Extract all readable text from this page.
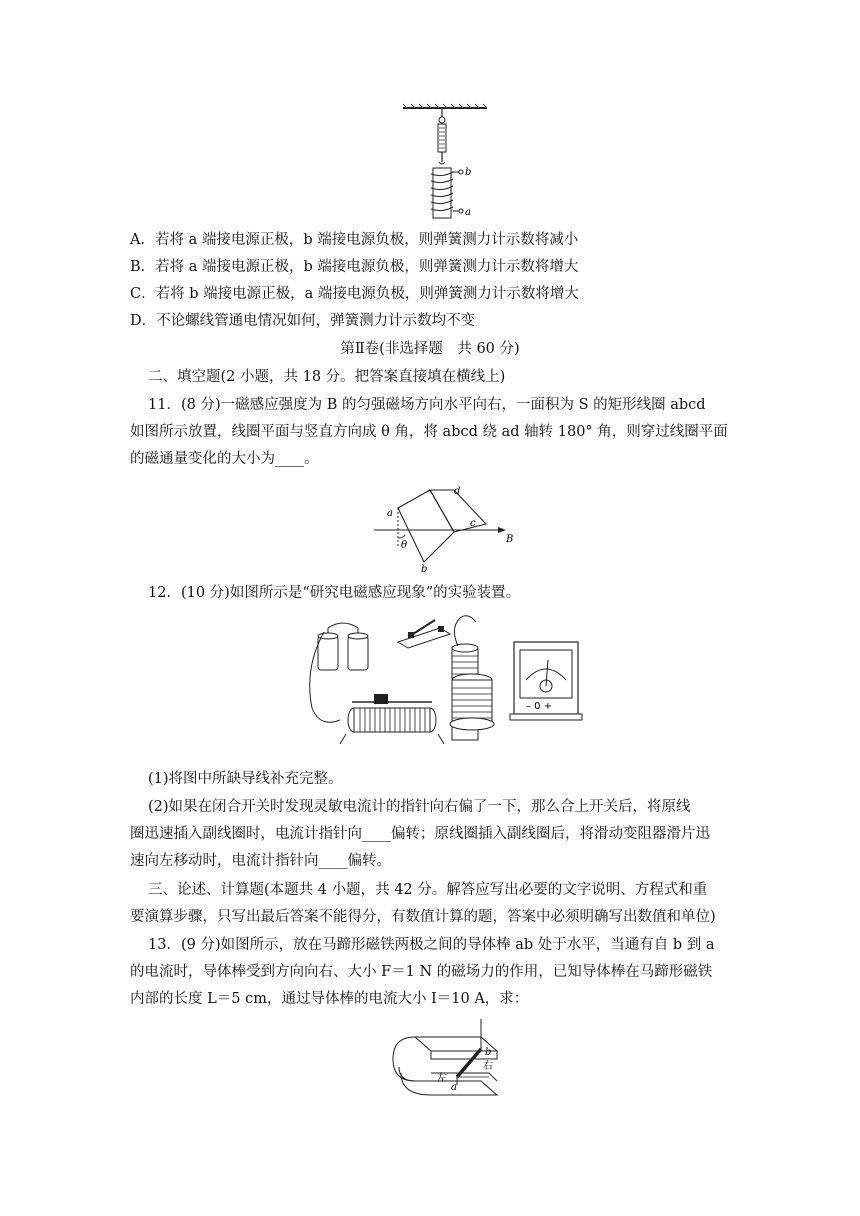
b
a
A．若将 a 端接电源正极，b 端接电源负极，则弹簧测力计示数将减小
B．若将 a 端接电源正极，b 端接电源负极，则弹簧测力计示数将增大
C．若将 b 端接电源正极，a 端接电源负极，则弹簧测力计示数将增大
D．不论螺线管通电情况如何，弹簧测力计示数均不变
第Ⅱ卷(非选择题　共 60 分)
二、填空题(2 小题，共 18 分。把答案直接填在横线上)
11．(8 分)一磁感应强度为 B 的匀强磁场方向水平向右，一面积为 S 的矩形线圈 abcd
如图所示放置，线圈平面与竖直方向成 θ 角，将 abcd 绕 ad 轴转 180° 角，则穿过线圈平面
的磁通量变化的大小为____。
a
d
c
θ
b
B
12．(10 分)如图所示是“研究电磁感应现象”的实验装置。
– 0 +
(1)将图中所缺导线补充完整。
(2)如果在闭合开关时发现灵敏电流计的指针向右偏了一下，那么合上开关后，将原线
圈迅速插入副线圈时，电流计指针向____偏转；原线圈插入副线圈后，将滑动变阻器滑片迅
速向左移动时，电流计指针向____偏转。
三、论述、计算题(本题共 4 小题，共 42 分。解答应写出必要的文字说明、方程式和重
要演算步骤，只写出最后答案不能得分，有数值计算的题，答案中必须明确写出数值和单位)
13．(9 分)如图所示，放在马蹄形磁铁两极之间的导体棒 ab 处于水平，当通有自 b 到 a
的电流时，导体棒受到方向向右、大小 F＝1 N 的磁场力的作用，已知导体棒在马蹄形磁铁
内部的长度 L＝5 cm，通过导体棒的电流大小 I＝10 A，求：
b
右
左
a
